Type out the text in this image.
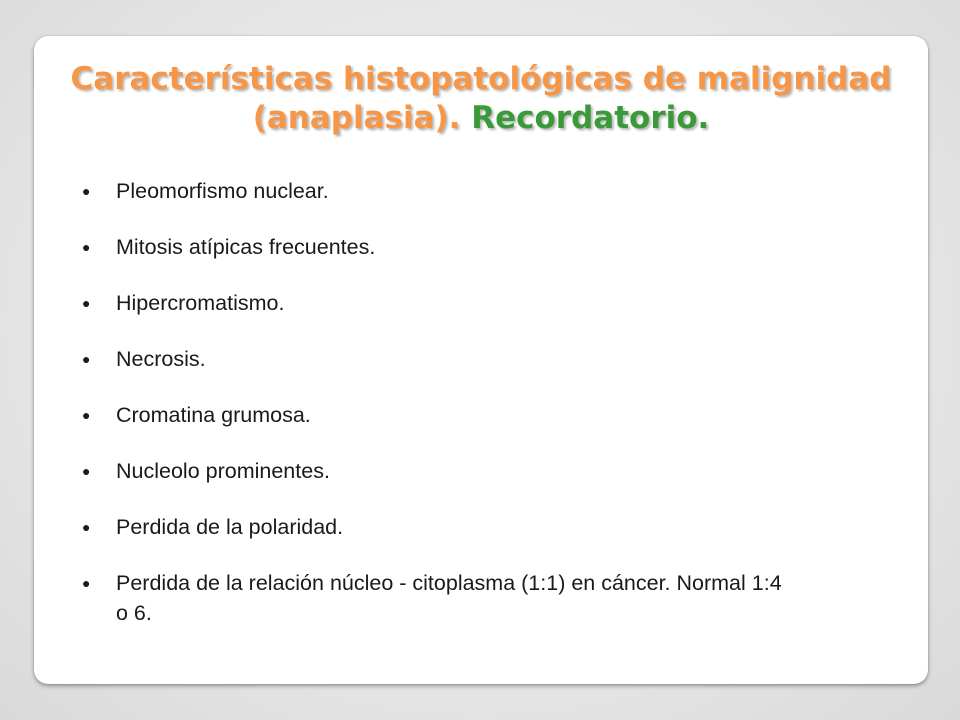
Características histopatológicas de malignidad (anaplasia). Recordatorio.
● Pleomorfismo nuclear.
● Mitosis atípicas frecuentes.
● Hipercromatismo.
● Necrosis.
● Cromatina grumosa.
● Nucleolo prominentes.
● Perdida de la polaridad.
● Perdida de la relación núcleo - citoplasma (1:1) en cáncer. Normal 1:4 o 6.
